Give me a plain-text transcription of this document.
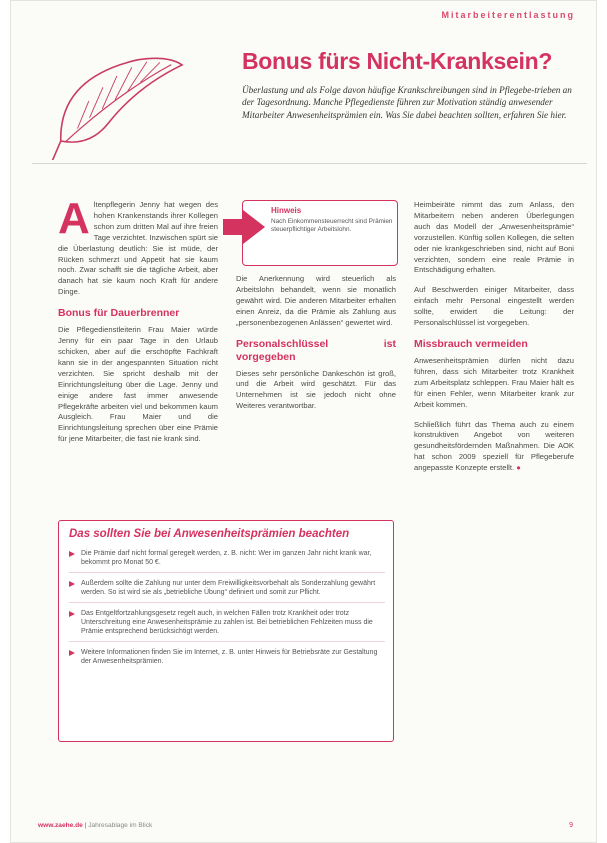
Mitarbeiterentlastung
Bonus fürs Nicht-Kranksein?
Überlastung und als Folge davon häufige Krankschreibungen sind in Pflegebe-trieben an der Tagesordnung. Manche Pflegedienste führen zur Motivation ständig anwesender Mitarbeiter Anwesenheitsprämien ein. Was Sie dabei beachten sollten, erfahren Sie hier.

Altenpflegerin Jenny hat wegen des hohen Krankenstands ihrer Kollegen schon zum dritten Mal auf ihre freien Tage verzichtet. Inzwischen spürt sie die Überlastung deutlich: Sie ist müde, der Rücken schmerzt und Appetit hat sie kaum noch. Zwar schafft sie die tägliche Arbeit, aber danach hat sie kaum noch Kraft für andere Dinge.

Bonus für Dauerbrenner

Die Pflegedienstleiterin Frau Maier würde Jenny für ein paar Tage in den Urlaub schicken, aber auf die erschöpfte Fachkraft kann sie in der angespannten Situation nicht verzichten. Sie spricht deshalb mit der Einrichtungsleitung über die Lage. Jenny und einige andere fast immer anwesende Pflegekräfte arbeiten viel und bekommen kaum Ausgleich. Frau Maier und die Einrichtungsleitung sprechen über eine Prämie für jene Mitarbeiter, die fast nie krank sind.

Hinweis
Nach Einkommensteuerrecht sind Prämien steuerpflichtiger Arbeitslohn.

Die Anerkennung wird steuerlich als Arbeitslohn behandelt, wenn sie monatlich gewährt wird. Die anderen Mitarbeiter erhalten einen Anreiz, da die Prämie als Zahlung aus „personenbezogenen Anlässen“ gewertet wird.

Personalschlüssel ist vorgegeben

Dieses sehr persönliche Dankeschön ist groß, und die Arbeit wird geschätzt. Für das Unternehmen ist sie jedoch nicht ohne Weiteres verantwortbar.

Heimbeiräte nimmt das zum Anlass, den Mitarbeitern neben anderen Überlegungen auch das Modell der „Anwesenheitsprämie“ vorzustellen. Künftig sollen Kollegen, die selten oder nie krankgeschrieben sind, nicht auf Boni verzichten, sondern eine reale Prämie in Entschädigung erhalten.

Auf Beschwerden einiger Mitarbeiter, dass einfach mehr Personal eingestellt werden sollte, erwidert die Leitung: der Personalschlüssel ist vorgegeben.

Missbrauch vermeiden

Anwesenheitsprämien dürfen nicht dazu führen, dass sich Mitarbeiter trotz Krankheit zum Arbeitsplatz schleppen. Frau Maier hält es für einen Fehler, wenn Mitarbeiter krank zur Arbeit kommen.

Schließlich führt das Thema auch zu einem konstruktiven Angebot von weiteren gesundheitsfördernden Maßnahmen. Die AOK hat schon 2009 speziell für Pflegeberufe angepasste Konzepte erstellt. ●

Das sollten Sie bei Anwesenheitsprämien beachten
Die Prämie darf nicht formal geregelt werden, z. B. nicht: Wer im ganzen Jahr nicht krank war, bekommt pro Monat 50 €.
Außerdem sollte die Zahlung nur unter dem Freiwilligkeitsvorbehalt als Sonderzahlung gewährt werden. So ist wird sie als „betriebliche Übung“ definiert und somit zur Pflicht.
Das Entgeltfortzahlungsgesetz regelt auch, in welchen Fällen trotz Krankheit oder trotz Unterschreitung eine Anwesenheitsprämie zu zahlen ist. Bei betrieblichen Fehlzeiten muss die Prämie entsprechend berücksichtigt werden.
Weitere Informationen finden Sie im Internet, z. B. unter Hinweis für Betriebsräte zur Gestaltung der Anwesenheitsprämien.
www.zaehe.de | Jahresablage im Blick	9
